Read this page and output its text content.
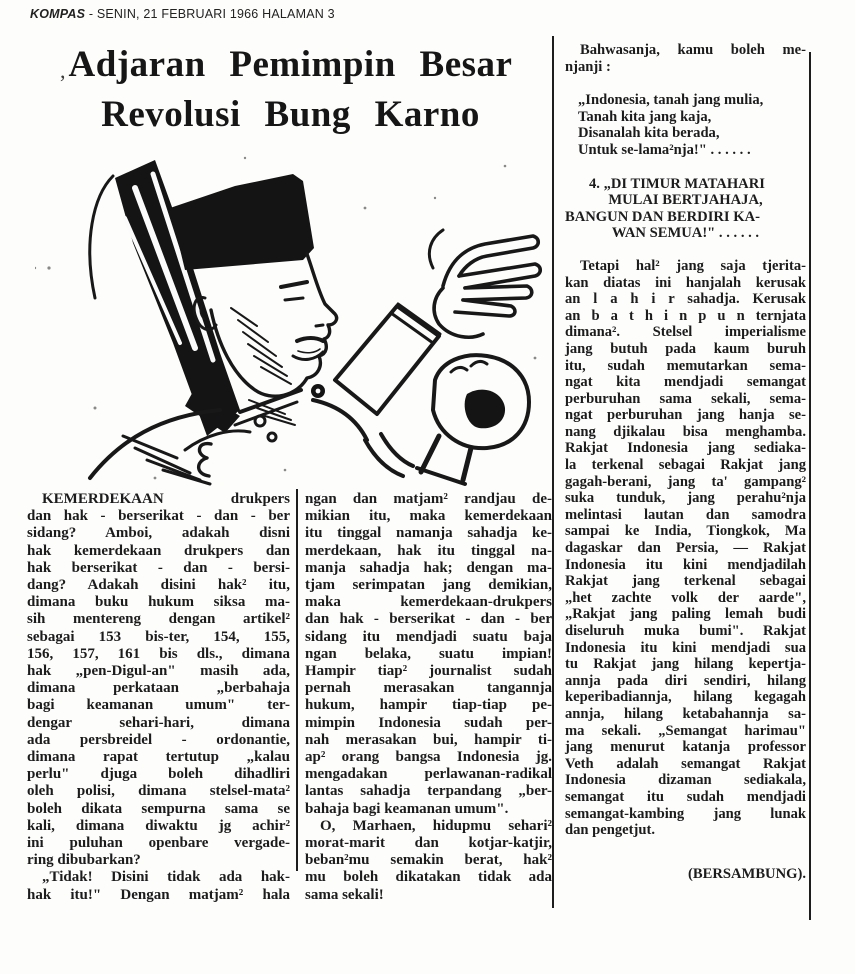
KOMPAS - SENIN, 21 FEBRUARI 1966 HALAMAN 3
, Adjaran Pemimpin Besar
Revolusi Bung Karno
KEMERDEKAAN drukpers
dan hak - berserikat - dan - ber
sidang? Amboi, adakah disni
hak kemerdekaan drukpers dan
hak berserikat - dan - bersi-
dang? Adakah disini hak² itu,
dimana buku hukum siksa ma-
sih mentereng dengan artikel²
sebagai 153 bis-ter, 154, 155,
156, 157, 161 bis dls., dimana
hak „pen-Digul-an" masih ada,
dimana perkataan „berbahaja
bagi keamanan umum" ter-
dengar sehari-hari, dimana
ada persbreidel - ordonantie,
dimana rapat tertutup „kalau
perlu" djuga boleh dihadliri
oleh polisi, dimana stelsel-mata²
boleh dikata sempurna sama se
kali, dimana diwaktu jg achir²
ini puluhan openbare vergade-
ring dibubarkan?
„Tidak! Disini tidak ada hak-
hak itu!" Dengan matjam² hala
ngan dan matjam² randjau de-
mikian itu, maka kemerdekaan
itu tinggal namanja sahadja ke-
merdekaan, hak itu tinggal na-
manja sahadja hak; dengan ma-
tjam serimpatan jang demikian,
maka kemerdekaan-drukpers
dan hak - berserikat - dan - ber
sidang itu mendjadi suatu baja
ngan belaka, suatu impian!
Hampir tiap² journalist sudah
pernah merasakan tangannja
hukum, hampir tiap-tiap pe-
mimpin Indonesia sudah per-
nah merasakan bui, hampir ti-
ap² orang bangsa Indonesia jg.
mengadakan perlawanan-radikal
lantas sahadja terpandang „ber-
bahaja bagi keamanan umum".
O, Marhaen, hidupmu sehari²
morat-marit dan kotjar-katjir,
beban²mu semakin berat, hak²
mu boleh dikatakan tidak ada
sama sekali!
Bahwasanja, kamu boleh me-
njanji :
„Indonesia, tanah jang mulia,
Tanah kita jang kaja,
Disanalah kita berada,
Untuk se-lama²nja!" . . . . . .
4. „DI TIMUR MATAHARI
MULAI BERTJAHAJA,
BANGUN DAN BERDIRI KA-
WAN SEMUA!" . . . . . .
Tetapi hal² jang saja tjerita-
kan diatas ini hanjalah kerusak
an l a h i r sahadja. Kerusak
an b a t h i n p u n ternjata
dimana². Stelsel imperialisme
jang butuh pada kaum buruh
itu, sudah memutarkan sema-
ngat kita mendjadi semangat
perburuhan sama sekali, sema-
ngat perburuhan jang hanja se-
nang djikalau bisa menghamba.
Rakjat Indonesia jang sediaka-
la terkenal sebagai Rakjat jang
gagah-berani, jang ta' gampang²
suka tunduk, jang perahu²nja
melintasi lautan dan samodra
sampai ke India, Tiongkok, Ma
dagaskar dan Persia, — Rakjat
Indonesia itu kini mendjadilah
Rakjat jang terkenal sebagai
„het zachte volk der aarde",
„Rakjat jang paling lemah budi
diseluruh muka bumi". Rakjat
Indonesia itu kini mendjadi sua
tu Rakjat jang hilang kepertja-
annja pada diri sendiri, hilang
keperibadiannja, hilang kegagah
annja, hilang ketabahannja sa-
ma sekali. „Semangat harimau"
jang menurut katanja professor
Veth adalah semangat Rakjat
Indonesia dizaman sediakala,
semangat itu sudah mendjadi
semangat-kambing jang lunak
dan pengetjut.
(BERSAMBUNG).
